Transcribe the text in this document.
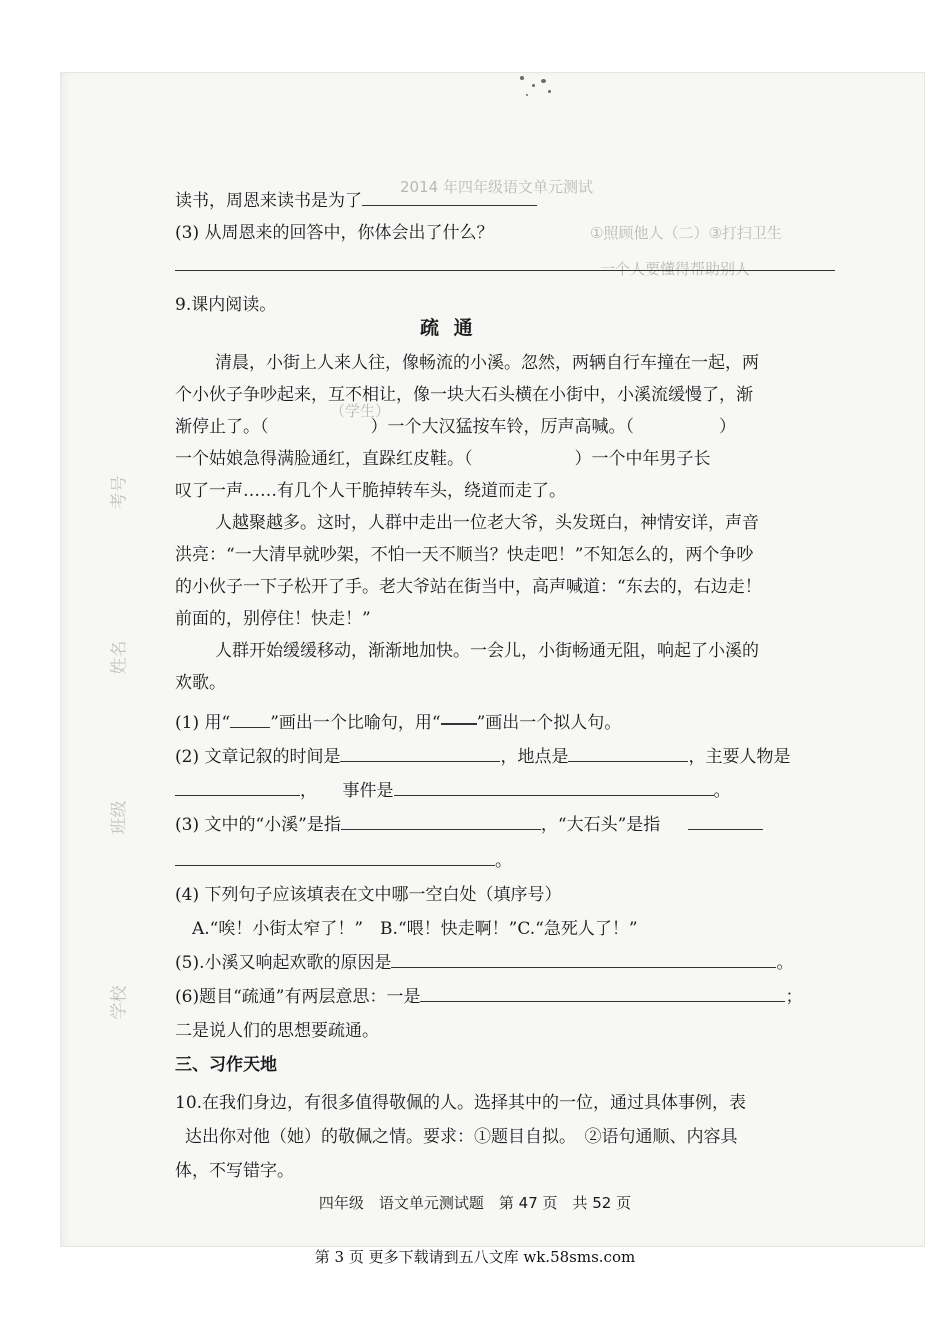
2014 年四年级语文单元测试
①照顾他人（二）③打扫卫生
一个人要懂得帮助别人
（学生）
考号
姓名
班级
学校
读书，周恩来读书是为了
(3) 从周恩来的回答中，你体会出了什么？
9.课内阅读。
疏 通
清晨，小街上人来人往，像畅流的小溪。忽然，两辆自行车撞在一起，两
个小伙子争吵起来，互不相让，像一块大石头横在小街中，小溪流缓慢了，渐
渐停止了。（　　　　　　）一个大汉猛按车铃，厉声高喊。（　　　　　）
一个姑娘急得满脸通红，直跺红皮鞋。（　　　　　　）一个中年男子长
叹了一声……有几个人干脆掉转车头，绕道而走了。
人越聚越多。这时，人群中走出一位老大爷，头发斑白，神情安详，声音
洪亮：“一大清早就吵架，不怕一天不顺当？快走吧！”不知怎么的，两个争吵
的小伙子一下子松开了手。老大爷站在街当中，高声喊道：“东去的，右边走！
前面的，别停住！快走！”
人群开始缓缓移动，渐渐地加快。一会儿，小街畅通无阻，响起了小溪的
欢歌。
(1) 用“ ”画出一个比喻句，用“ ”画出一个拟人句。
(2) 文章记叙的时间是	，地点是	，主要人物是
，　　事件是	。
(3) 文中的“小溪”是指	，“大石头”是指
。
(4) 下列句子应该填表在文中哪一空白处（填序号）
A.“唉！小街太窄了！”　B.“喂！快走啊！”C.“急死人了！”
(5).小溪又响起欢歌的原因是	。
(6)题目“疏通”有两层意思：一是	；
二是说人们的思想要疏通。
三、习作天地
10.在我们身边，有很多值得敬佩的人。选择其中的一位，通过具体事例，表
达出你对他（她）的敬佩之情。要求：①题目自拟。　②语句通顺、内容具
体，不写错字。
四年级　语文单元测试题　第 47 页　共 52 页
第 3 页 更多下载请到五八文库 wk.58sms.com
